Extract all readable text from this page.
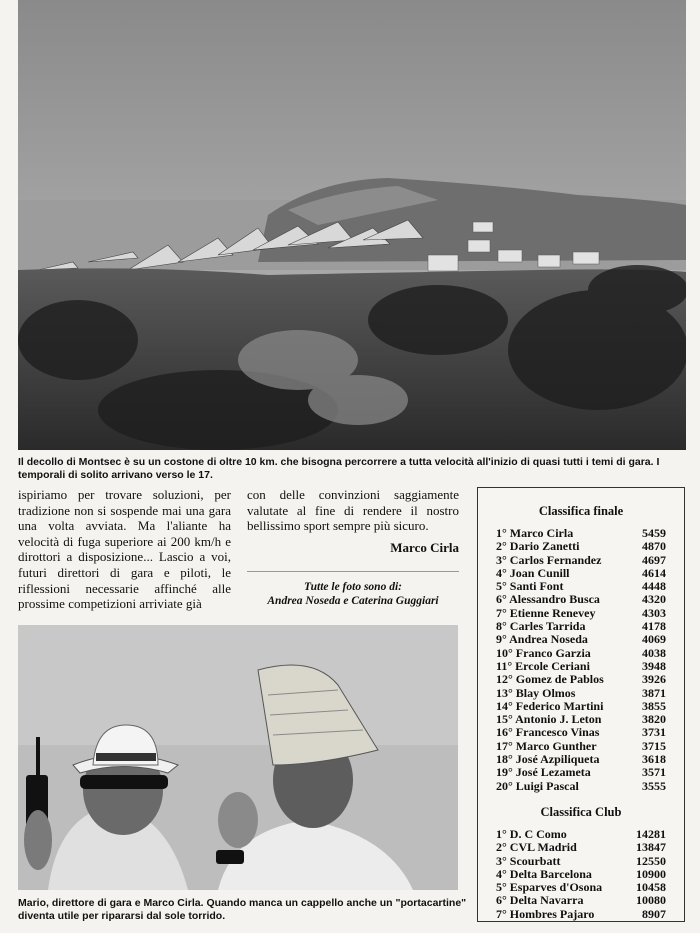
Il decollo di Montsec è su un costone di oltre 10 km. che bisogna percorrere a tutta velocità all'inizio di quasi tutti i temi di gara. I temporali di solito arrivano verso le 17.
ispiriamo per trovare soluzioni, per tradizione non si sospende mai una gara una volta avviata. Ma l'aliante ha velocità di fuga superiore ai 200 km/h e dirottori a disposizione... Lascio a voi, futuri direttori di gara e piloti, le riflessioni necessarie affinché alle prossime competizioni arriviate già
con delle convinzioni saggiamente valutate al fine di rendere il nostro bellissimo sport sempre più sicuro.
Marco Cirla
Tutte le foto sono di:
Andrea Noseda e Caterina Guggiari
Classifica finale
1° Marco Cirla	5459
2° Dario Zanetti	4870
3° Carlos Fernandez	4697
4° Joan Cunill	4614
5° Santi Font	4448
6° Alessandro Busca	4320
7° Etienne Renevey	4303
8° Carles Tarrida	4178
9° Andrea Noseda	4069
10° Franco Garzia	4038
11° Ercole Ceriani	3948
12° Gomez de Pablos	3926
13° Blay Olmos	3871
14° Federico Martini	3855
15° Antonio J. Leton	3820
16° Francesco Vinas	3731
17° Marco Gunther	3715
18° José Azpiliqueta	3618
19° José Lezameta	3571
20° Luigi Pascal	3555
Classifica Club
1° D. C Como	14281
2° CVL Madrid	13847
3° Scourbatt	12550
4° Delta Barcelona	10900
5° Esparves d'Osona	10458
6° Delta Navarra	10080
7° Hombres Pajaro	8907
Mario, direttore di gara e Marco Cirla. Quando manca un cappello anche un "portacartine" diventa utile per ripararsi dal sole torrido.
